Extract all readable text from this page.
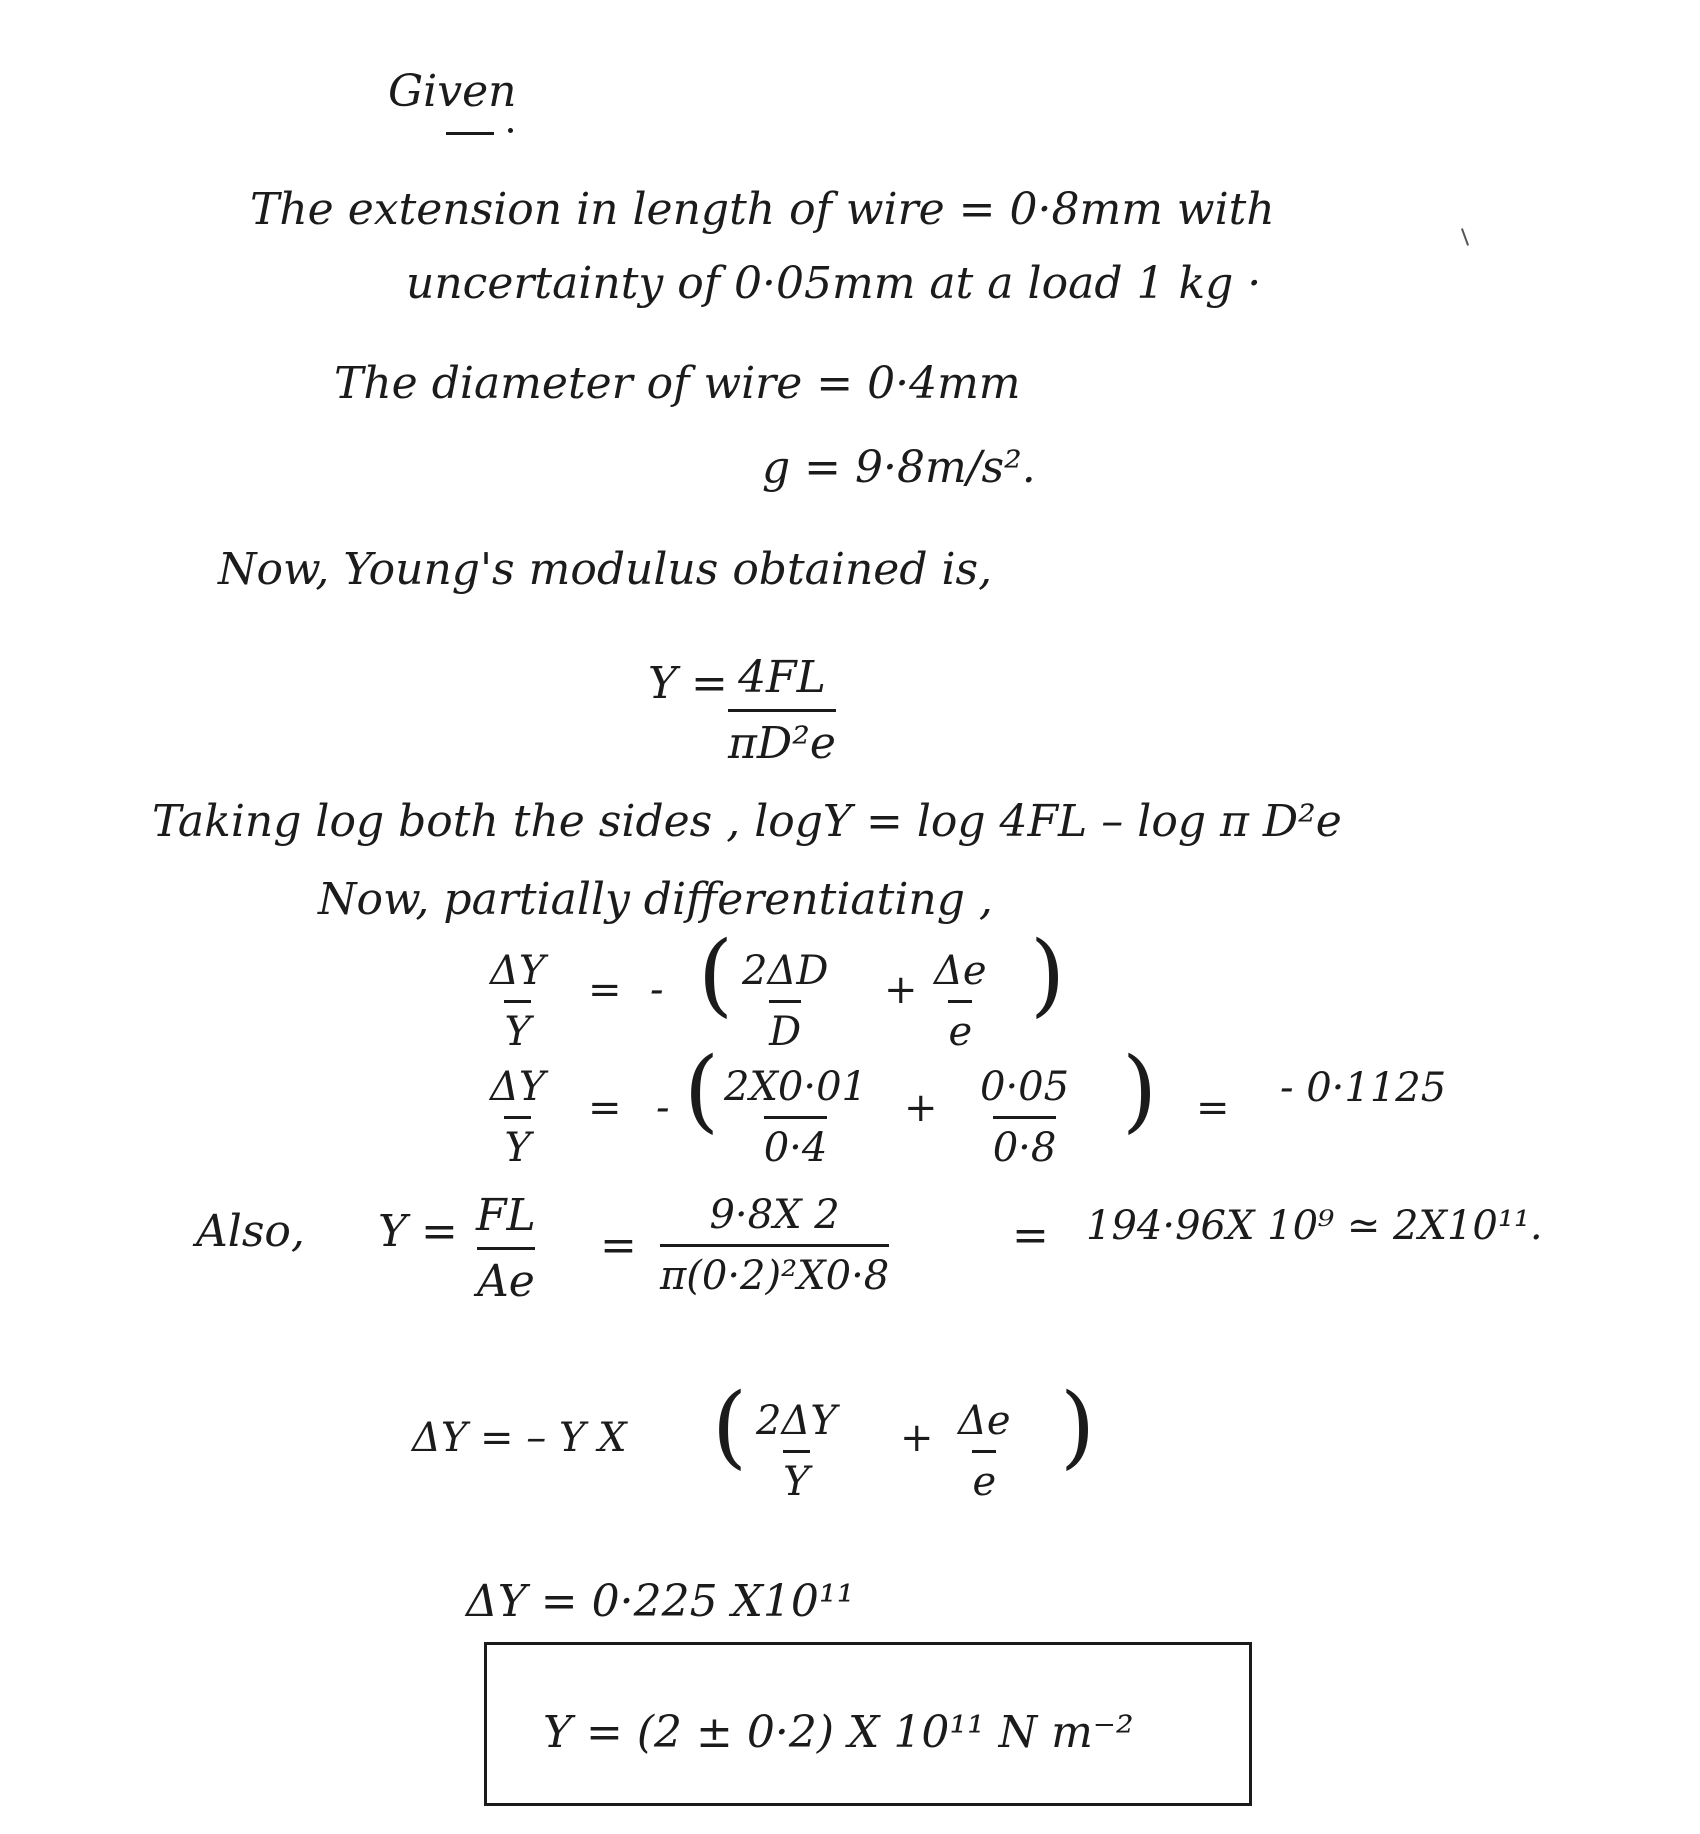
Given
The extension in length of wire = 0·8mm with
uncertainty of 0·05mm at a load 1 kg ·
The diameter of wire = 0·4mm
g = 9·8m/s².
Now, Young's modulus obtained is,
$Y = \frac{4FL}{\text{πD²e}}$
Taking log both the sides , logY = log 4FL – log π D²e
Now, partially differentiating ,
$\frac{\Delta Y}{Y}$ = - ( $\frac{2\Delta D}{D} + \frac{\Delta e}{e}$ )
$\frac{\Delta Y}{Y}$ = - (
$\frac{2X0\cdot 01}{0\cdot 4} + \frac{0\cdot 05}{0\cdot 8}$ ) = - 0·1125
Also, $Y = \frac{FL}{Ae} = \frac{9\cdot 8X 2}{\text{π(0·2)²X0·8}}$	= 194·96X 10⁹ ≃ 2X10¹¹.
ΔY = – Y X ( $\frac{2\Delta Y}{Y} + \frac{\Delta e}{e}$ )
ΔY = 0·225 X10¹¹
Y = (2 ± 0·2) X 10¹¹ N m⁻²
